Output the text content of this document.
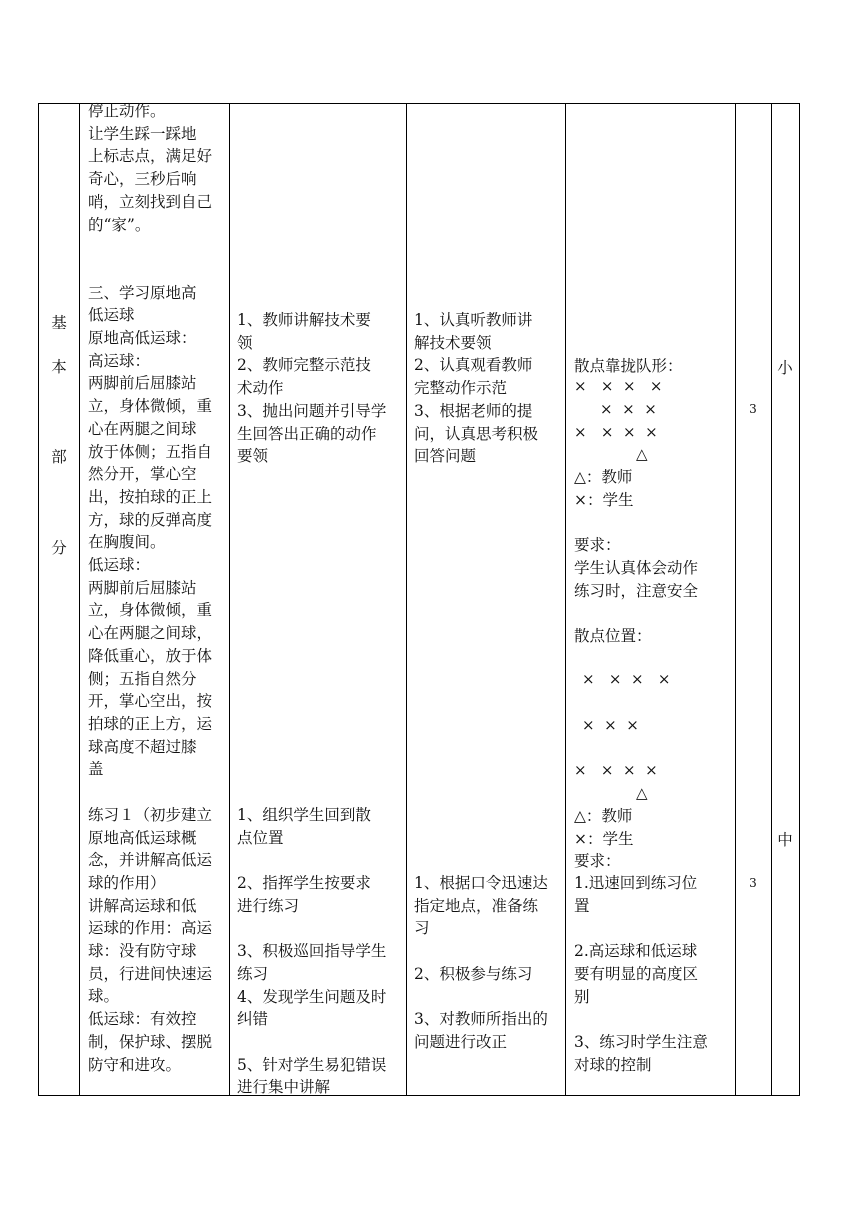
基
本
部
分
停止动作。
让学生踩一踩地
上标志点，满足好
奇心，三秒后响
哨，立刻找到自己
的“家”。

三、学习原地高
低运球
原地高低运球：
高运球：
两脚前后屈膝站
立，身体微倾，重
心在两腿之间球
放于体侧；五指自
然分开，掌心空
出，按拍球的正上
方，球的反弹高度
在胸腹间。
低运球：
两脚前后屈膝站
立，身体微倾，重
心在两腿之间球，
降低重心，放于体
侧；五指自然分
开，掌心空出，按
拍球的正上方，运
球高度不超过膝
盖

练习１（初步建立
原地高低运球概
念，并讲解高低运
球的作用）
讲解高运球和低
运球的作用：高运
球：没有防守球
员，行进间快速运
球。
低运球：有效控
制，保护球、摆脱
防守和进攻。
1、教师讲解技术要
领
2、教师完整示范技
术动作
3、抛出问题并引导学
生回答出正确的动作
要领
1、组织学生回到散
点位置

2、指挥学生按要求
进行练习

3、积极巡回指导学生
练习
4、发现学生问题及时
纠错

5、针对学生易犯错误
进行集中讲解
1、认真听教师讲
解技术要领
2、认真观看教师
完整动作示范
3、根据老师的提
问，认真思考积极
回答问题
1、根据口令迅速达
指定地点，准备练
习

2、积极参与练习

3、对教师所指出的
问题进行改正
散点靠拢队形：
×   ×  ×   ×
×  ×  ×
×   ×  ×  ×
△
△：教师
×：学生
要求：
学生认真体会动作
练习时，注意安全
散点位置：
×   ×  ×   ×
×  ×  ×
×   ×  ×  ×
△
△：教师
×：学生
要求：
1.迅速回到练习位
置

2.高运球和低运球
要有明显的高度区
别

3、练习时学生注意
对球的控制
3
3
小
中
